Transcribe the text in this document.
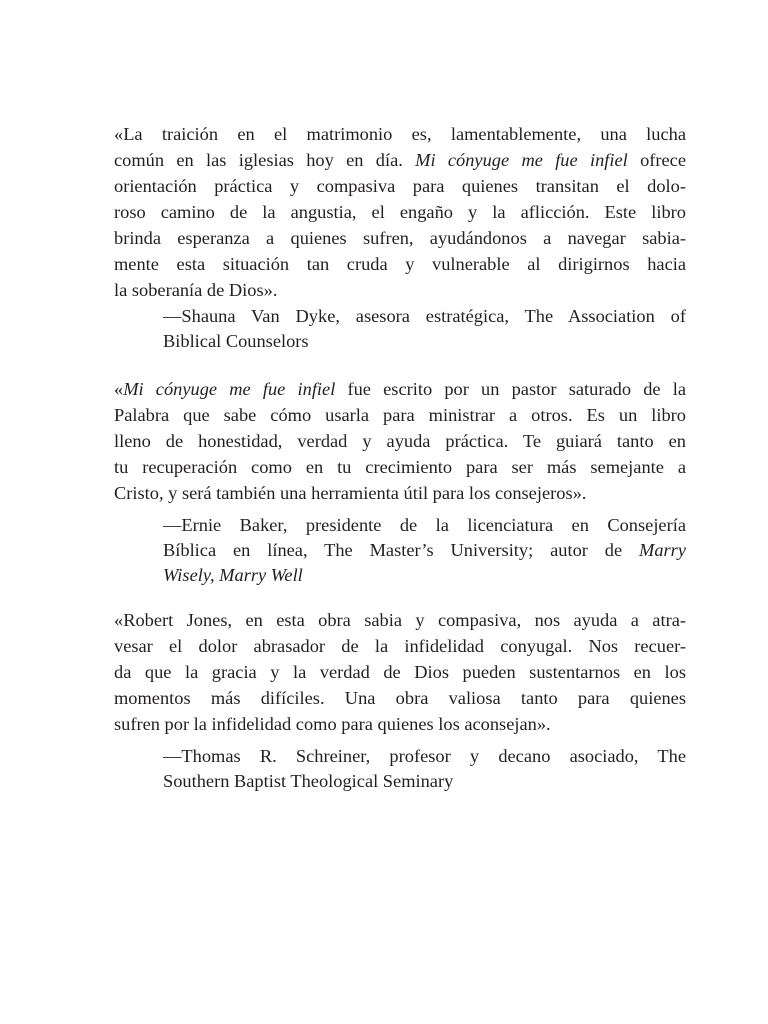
«La traición en el matrimonio es, lamentablemente, una lucha
común en las iglesias hoy en día. Mi cónyuge me fue infiel ofrece
orientación práctica y compasiva para quienes transitan el dolo-
roso camino de la angustia, el engaño y la aflicción. Este libro
brinda esperanza a quienes sufren, ayudándonos a navegar sabia-
mente esta situación tan cruda y vulnerable al dirigirnos hacia
la soberanía de Dios».
—Shauna Van Dyke, asesora estratégica, The Association of
Biblical Counselors
«Mi cónyuge me fue infiel fue escrito por un pastor saturado de la
Palabra que sabe cómo usarla para ministrar a otros. Es un libro
lleno de honestidad, verdad y ayuda práctica. Te guiará tanto en
tu recuperación como en tu crecimiento para ser más semejante a
Cristo, y será también una herramienta útil para los consejeros».
—Ernie Baker, presidente de la licenciatura en Consejería
Bíblica en línea, The Master’s University; autor de Marry
Wisely, Marry Well
«Robert Jones, en esta obra sabia y compasiva, nos ayuda a atra-
vesar el dolor abrasador de la infidelidad conyugal. Nos recuer-
da que la gracia y la verdad de Dios pueden sustentarnos en los
momentos más difíciles. Una obra valiosa tanto para quienes
sufren por la infidelidad como para quienes los aconsejan».
—Thomas R. Schreiner, profesor y decano asociado, The
Southern Baptist Theological Seminary
